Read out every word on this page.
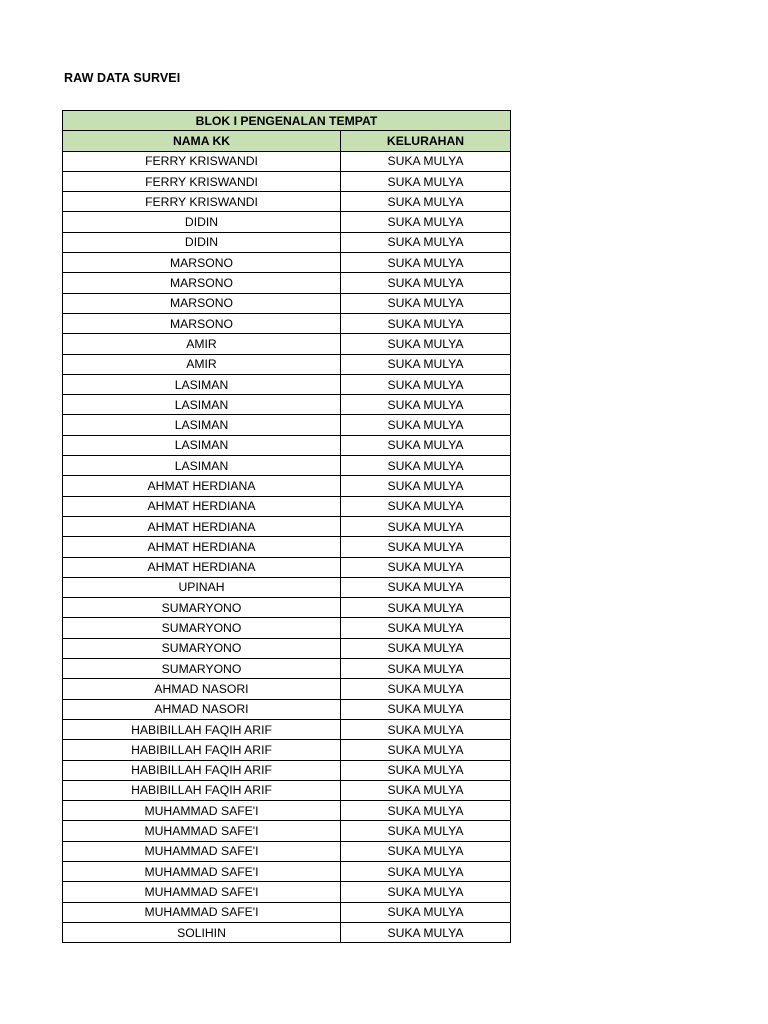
RAW DATA SURVEI
BLOK I PENGENALAN TEMPAT	
NAMA KK	KELURAHAN
FERRY KRISWANDI	SUKA MULYA
FERRY KRISWANDI	SUKA MULYA
FERRY KRISWANDI	SUKA MULYA
DIDIN	SUKA MULYA
DIDIN	SUKA MULYA
MARSONO	SUKA MULYA
MARSONO	SUKA MULYA
MARSONO	SUKA MULYA
MARSONO	SUKA MULYA
AMIR	SUKA MULYA
AMIR	SUKA MULYA
LASIMAN	SUKA MULYA
LASIMAN	SUKA MULYA
LASIMAN	SUKA MULYA
LASIMAN	SUKA MULYA
LASIMAN	SUKA MULYA
AHMAT HERDIANA	SUKA MULYA
AHMAT HERDIANA	SUKA MULYA
AHMAT HERDIANA	SUKA MULYA
AHMAT HERDIANA	SUKA MULYA
AHMAT HERDIANA	SUKA MULYA
UPINAH	SUKA MULYA
SUMARYONO	SUKA MULYA
SUMARYONO	SUKA MULYA
SUMARYONO	SUKA MULYA
SUMARYONO	SUKA MULYA
AHMAD NASORI	SUKA MULYA
AHMAD NASORI	SUKA MULYA
HABIBILLAH FAQIH ARIF	SUKA MULYA
HABIBILLAH FAQIH ARIF	SUKA MULYA
HABIBILLAH FAQIH ARIF	SUKA MULYA
HABIBILLAH FAQIH ARIF	SUKA MULYA
MUHAMMAD SAFE'I	SUKA MULYA
MUHAMMAD SAFE'I	SUKA MULYA
MUHAMMAD SAFE'I	SUKA MULYA
MUHAMMAD SAFE'I	SUKA MULYA
MUHAMMAD SAFE'I	SUKA MULYA
MUHAMMAD SAFE'I	SUKA MULYA
SOLIHIN	SUKA MULYA
